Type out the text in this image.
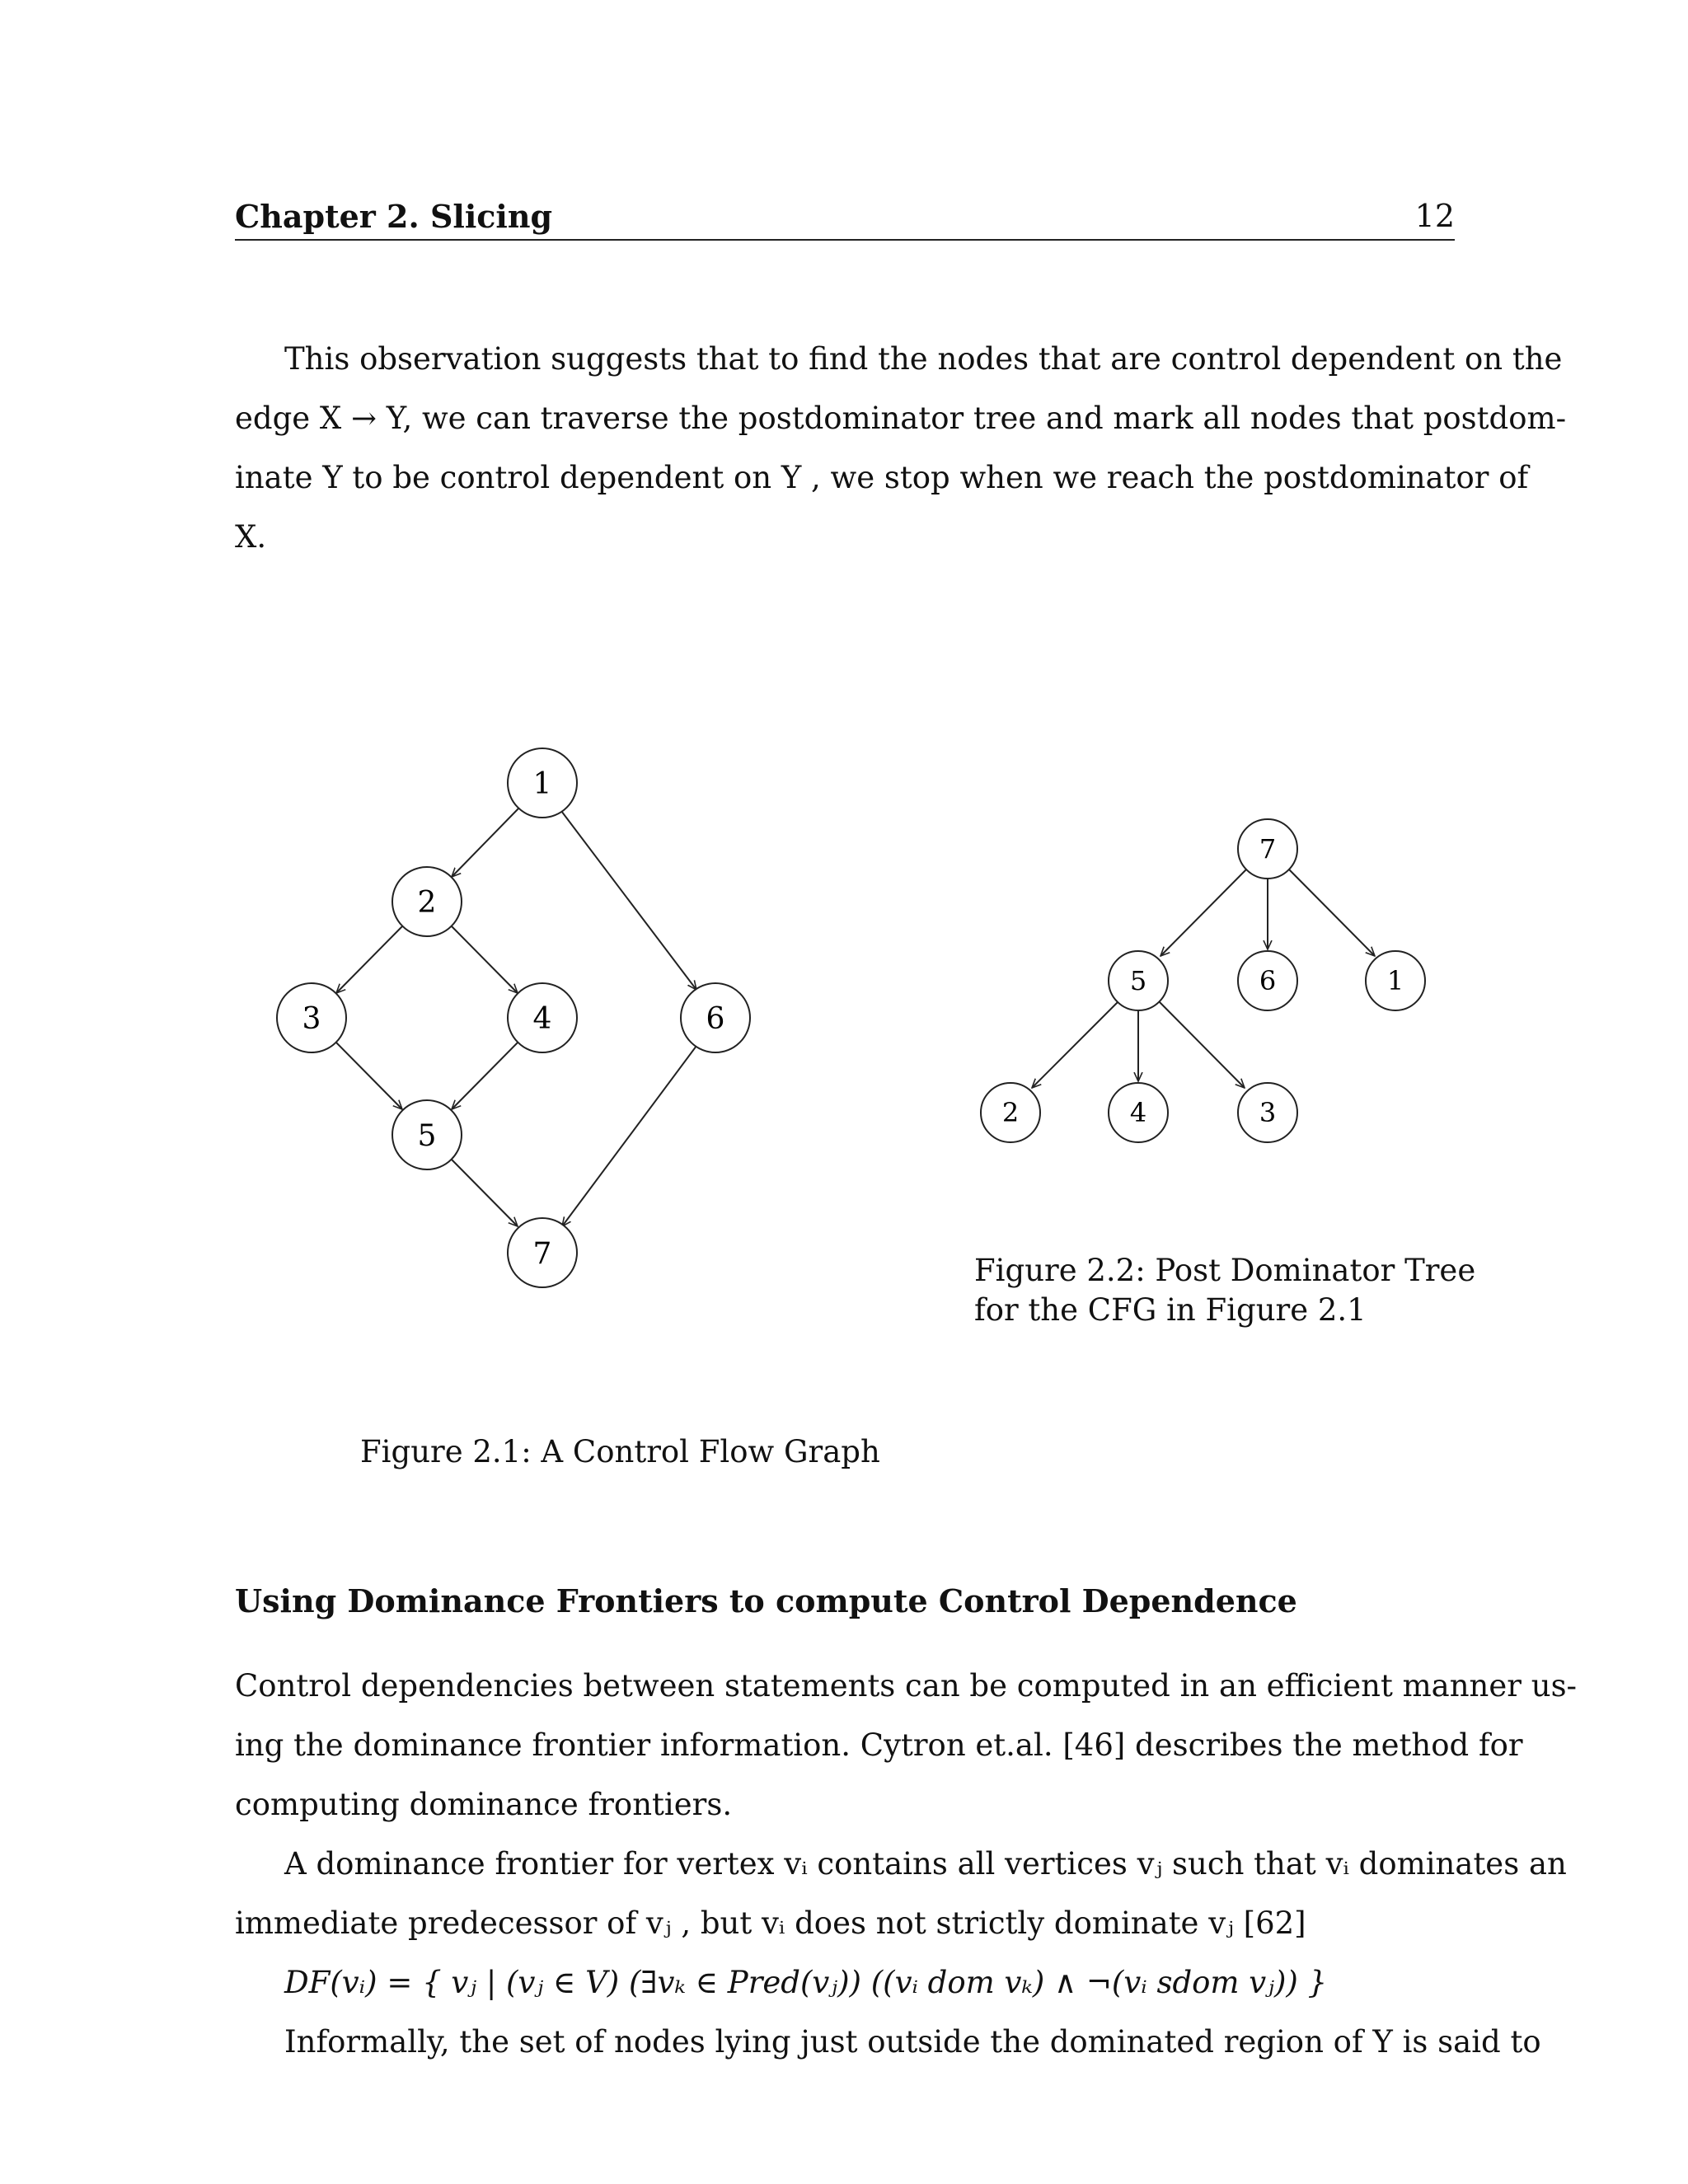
Chapter 2. Slicing	12
This observation suggests that to find the nodes that are control dependent on the
edge X → Y, we can traverse the postdominator tree and mark all nodes that postdom-
inate Y to be control dependent on Y , we stop when we reach the postdominator of
X.
1
2
3	4
5
6
7
7
5	6	1
2	4	3
Figure 2.1: A Control Flow Graph
Figure 2.2: Post Dominator Tree
for the CFG in Figure 2.1
Using Dominance Frontiers to compute Control Dependence
Control dependencies between statements can be computed in an efficient manner us-
ing the dominance frontier information. Cytron et.al. [46] describes the method for
computing dominance frontiers.
A dominance frontier for vertex vᵢ contains all vertices vⱼ such that vᵢ dominates an
immediate predecessor of vⱼ , but vᵢ does not strictly dominate vⱼ [62]
DF(vᵢ) = { vⱼ | (vⱼ ∈ V) (∃vₖ ∈ Pred(vⱼ)) ((vᵢ dom vₖ) ∧ ¬(vᵢ sdom vⱼ)) }
Informally, the set of nodes lying just outside the dominated region of Y is said to
